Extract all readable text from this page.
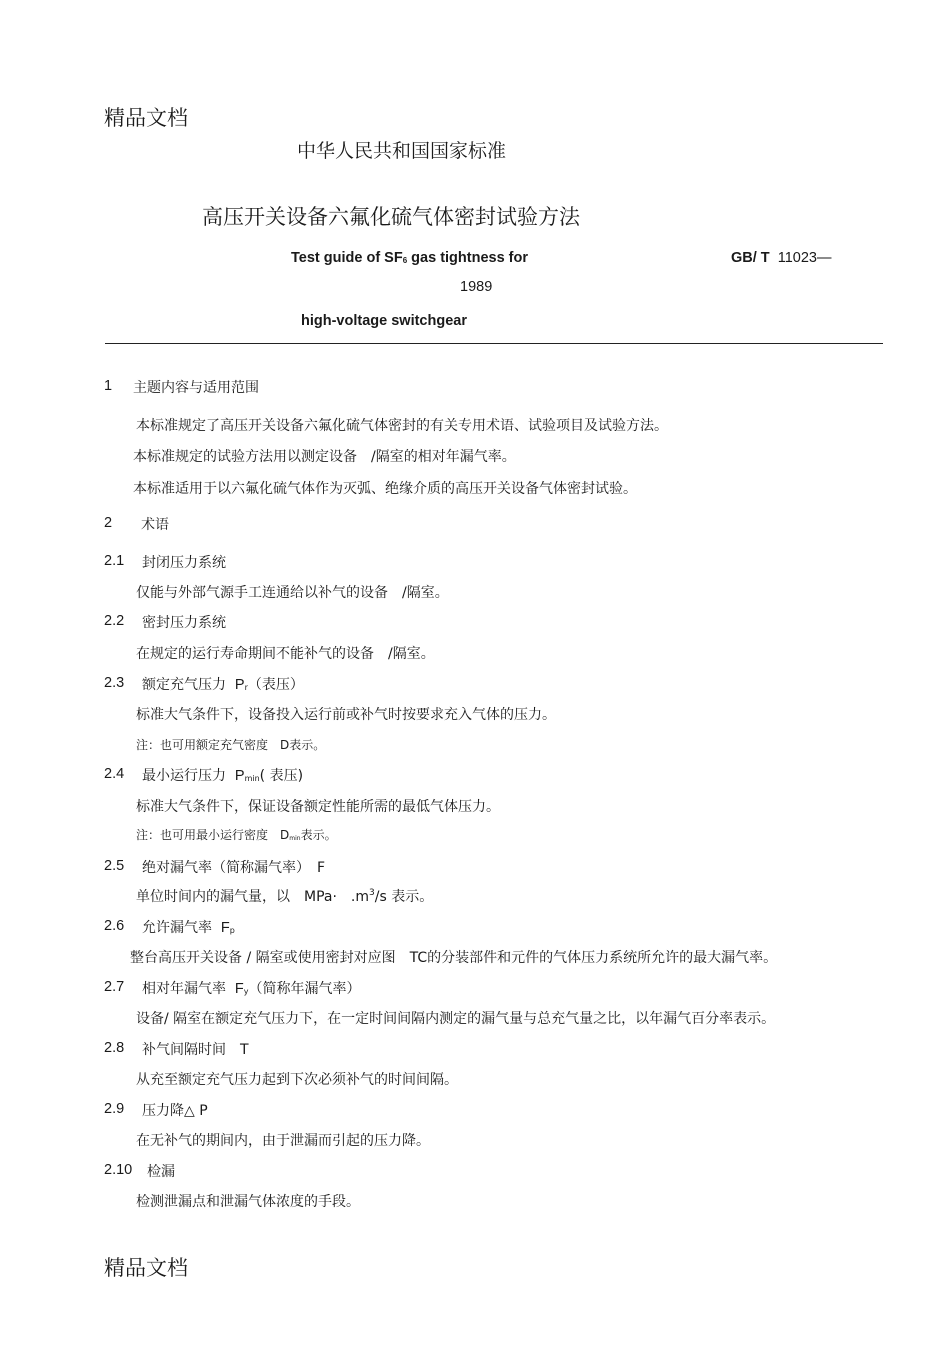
精品文档
中华人民共和国国家标准
高压开关设备六氟化硫气体密封试验方法
Test guide of SF6 gas tightness for	GB/ T 11023—
1989
high-voltage switchgear
1 主题内容与适用范围
本标准规定了高压开关设备六氟化硫气体密封的有关专用术语、试验项目及试验方法。
本标准规定的试验方法用以测定设备　/隔室的相对年漏气率。
本标准适用于以六氟化硫气体作为灭弧、绝缘介质的高压开关设备气体密封试验。
2 术语
2.1 封闭压力系统
仅能与外部气源手工连通给以补气的设备　/隔室。
2.2 密封压力系统
在规定的运行寿命期间不能补气的设备　/隔室。
2.3 额定充气压力 Pr（表压）
标准大气条件下，设备投入运行前或补气时按要求充入气体的压力。
注：也可用额定充气密度　D表示。
2.4 最小运行压力 Pmin( 表压)
标准大气条件下，保证设备额定性能所需的最低气体压力。
注：也可用最小运行密度　Dmin表示。
2.5 绝对漏气率（简称漏气率）　F
单位时间内的漏气量，以　MPa·　$.m^3/s$ 表示。
2.6 允许漏气率 Fp
整台高压开关设备 / 隔室或使用密封对应图　TC的分装部件和元件的气体压力系统所允许的最大漏气率。
2.7 相对年漏气率 Fy（简称年漏气率）
设备/ 隔室在额定充气压力下，在一定时间间隔内测定的漏气量与总充气量之比，以年漏气百分率表示。
2.8 补气间隔时间　T
从充至额定充气压力起到下次必须补气的时间间隔。
2.9 压力降△ P
在无补气的期间内，由于泄漏而引起的压力降。
2.10 检漏
检测泄漏点和泄漏气体浓度的手段。
精品文档
